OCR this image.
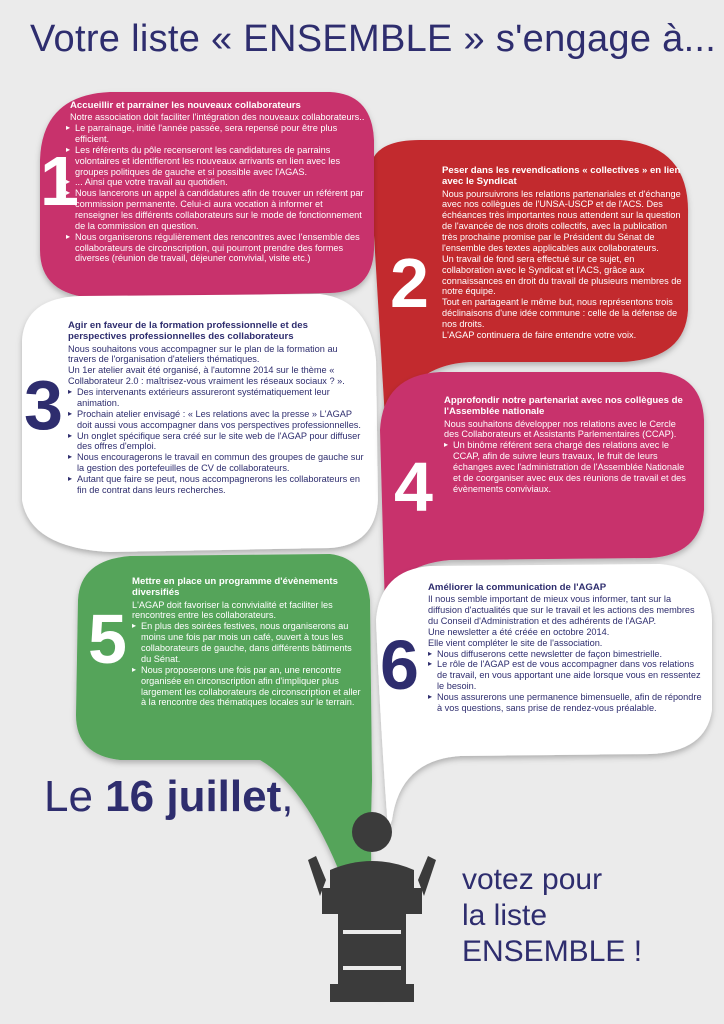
Votre liste « ENSEMBLE » s'engage à...
1
Accueillir et parrainer les nouveaux collaborateurs

Notre association doit faciliter l'intégration des nouveaux collaborateurs..

▸ Le parrainage, initié l'année passée, sera repensé pour être plus efficient.
▸ Les référents du pôle recenseront les candidatures de parrains volontaires et identifieront les nouveaux arrivants en lien avec les groupes politiques de gauche et si possible avec l'AGAS.
▸ ... Ainsi que votre travail au quotidien.
▸ Nous lancerons un appel à candidatures afin de trouver un référent par commission permanente. Celui-ci aura vocation à informer et renseigner les différents collaborateurs sur le mode de fonctionnement de la commission en question.
▸ Nous organiserons régulièrement des rencontres avec l'ensemble des collaborateurs de circonscription, qui pourront prendre des formes diverses (réunion de travail, déjeuner convivial, visite etc.)	2
Peser dans les revendications « collectives » en lien avec le Syndicat

Nous poursuivrons les relations partenariales et d'échange avec nos collègues de l'UNSA-USCP et de l'ACS. Des échéances très importantes nous attendent sur la question de l'avancée de nos droits collectifs, avec la publication très prochaine promise par le Président du Sénat de l'ensemble des textes applicables aux collaborateurs.

Un travail de fond sera effectué sur ce sujet, en collaboration avec le Syndicat et l'ACS, grâce aux connaissances en droit du travail de plusieurs membres de notre équipe.

Tout en partageant le même but, nous représentons trois déclinaisons d'une idée commune : celle de la défense de nos droits.

L'AGAP continuera de faire entendre votre voix.

3
Agir en faveur de la formation professionnelle et des perspectives professionnelles des collaborateurs

Nous souhaitons vous accompagner sur le plan de la formation au travers de l'organisation d'ateliers thématiques.

Un 1er atelier avait été organisé, à l'automne 2014 sur le thème « Collaborateur 2.0 : maîtrisez-vous vraiment les réseaux sociaux ? ».

▸ Des intervenants extérieurs assureront systématiquement leur animation.
▸ Prochain atelier envisagé : « Les relations avec la presse » L'AGAP doit aussi vous accompagner dans vos perspectives professionnelles.
▸ Un onglet spécifique sera créé sur le site web de l'AGAP pour diffuser des offres d'emploi.
▸ Nous encouragerons le travail en commun des groupes de gauche sur la gestion des portefeuilles de CV de collaborateurs.
▸ Autant que faire se peut, nous accompagnerons les collaborateurs en fin de contrat dans leurs recherches.	4
Approfondir notre partenariat avec nos collègues de l'Assemblée nationale

Nous souhaitons développer nos relations avec le Cercle des Collaborateurs et Assistants Parlementaires (CCAP).

▸ Un binôme référent sera chargé des relations avec le CCAP, afin de suivre leurs travaux, le fruit de leurs échanges avec l'administration de l'Assemblée Nationale et de coorganiser avec eux des réunions de travail et des évènements conviviaux.
5
Mettre en place un programme d'évènements diversifiés

L'AGAP doit favoriser la convivialité et faciliter les rencontres entre les collaborateurs.

▸ En plus des soirées festives, nous organiserons au moins une fois par mois un café, ouvert à tous les collaborateurs de gauche, dans différents bâtiments du Sénat.
▸ Nous proposerons une fois par an, une rencontre organisée en circonscription afin d'impliquer plus largement les collaborateurs de circonscription et aller à la rencontre des thématiques locales sur le terrain. 6
Améliorer la communication de l'AGAP

Il nous semble important de mieux vous informer, tant sur la diffusion d'actualités que sur le travail et les actions des membres du Conseil d'Administration et des adhérents de l'AGAP.

Une newsletter a été créée en octobre 2014.

Elle vient compléter le site de l'association.

▸ Nous diffuserons cette newsletter de façon bimestrielle.
▸ Le rôle de l'AGAP est de vous accompagner dans vos relations de travail, en vous apportant une aide lorsque vous en ressentez le besoin.
▸ Nous assurerons une permanence bimensuelle, afin de répondre à vos questions, sans prise de rendez-vous préalable.
Le 16 juillet,
votez pour
la liste
ENSEMBLE !
